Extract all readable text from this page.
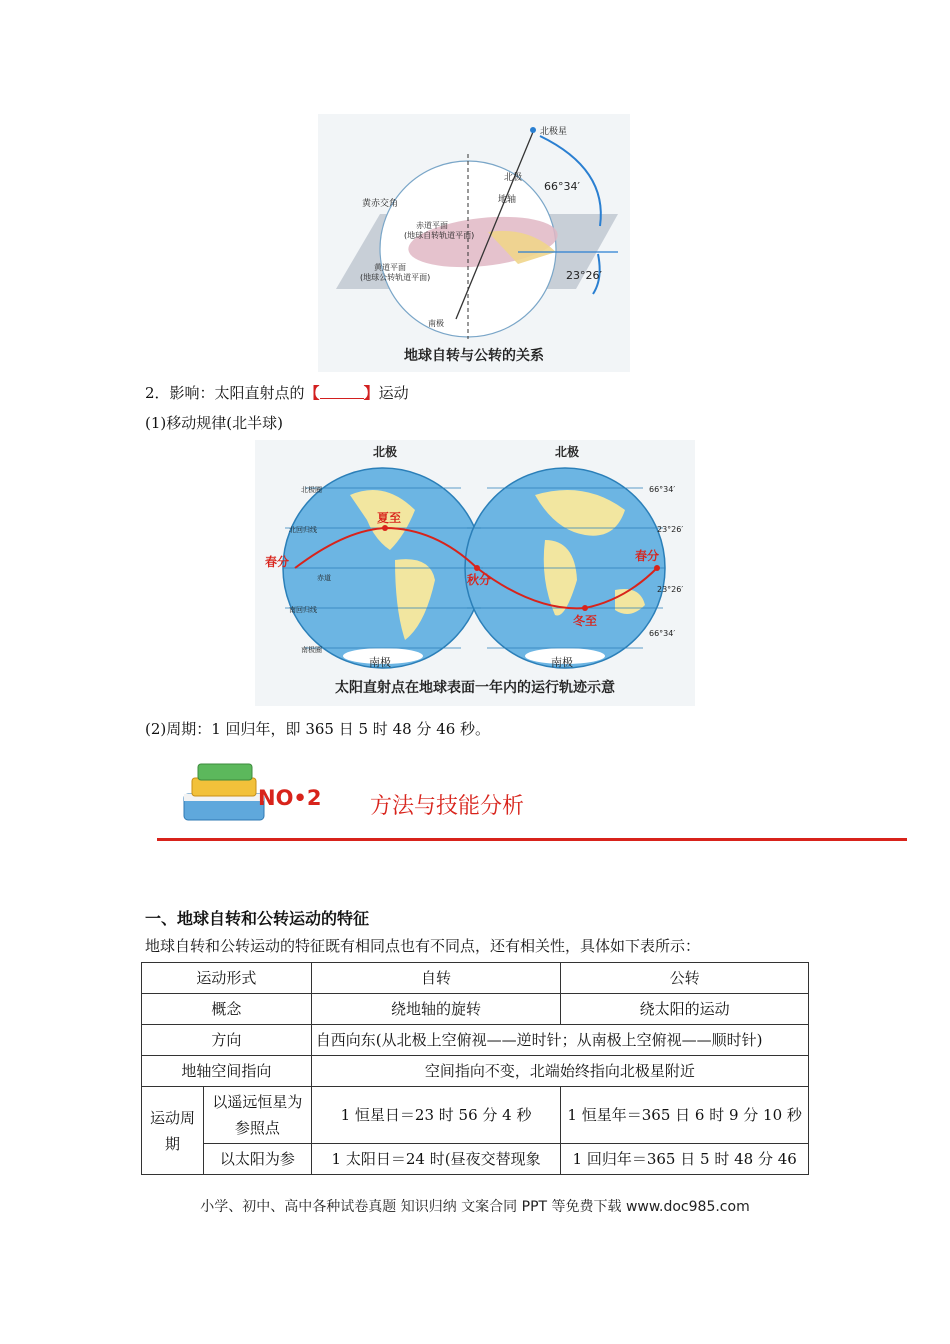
北极星
北极
地轴
66°34′
23°26′
黄赤交角
赤道平面
(地球自转轨道平面)
黄道平面
(地球公转轨道平面)
南极
地球自转与公转的关系
2．影响：太阳直射点的【	】运动
(1)移动规律(北半球)
北极	北极
北极圈
北回归线
赤道
南回归线
南极圈
春分
夏至
秋分
冬至
春分
南极	南极
66°34′
23°26′
23°26′
66°34′
太阳直射点在地球表面一年内的运行轨迹示意
(2)周期：1 回归年，即 365 日 5 时 48 分 46 秒。
NO•2 方法与技能分析
一、地球自转和公转运动的特征
地球自转和公转运动的特征既有相同点也有不同点，还有相关性，具体如下表所示：
运动形式		自转	公转
概念		绕地轴的旋转	绕太阳的运动
方向		自西向东(从北极上空俯视——逆时针；从南极上空俯视——顺时针)	
地轴空间指向		空间指向不变，北端始终指向北极星附近	
运动周期	以遥远恒星为参照点	1 恒星日＝23 时 56 分 4 秒	1 恒星年＝365 日 6 时 9 分 10 秒
	以太阳为参	1 太阳日＝24 时(昼夜交替现象	1 回归年＝365 日 5 时 48 分 46
小学、初中、高中各种试卷真题 知识归纳 文案合同 PPT 等免费下载 www.doc985.com
